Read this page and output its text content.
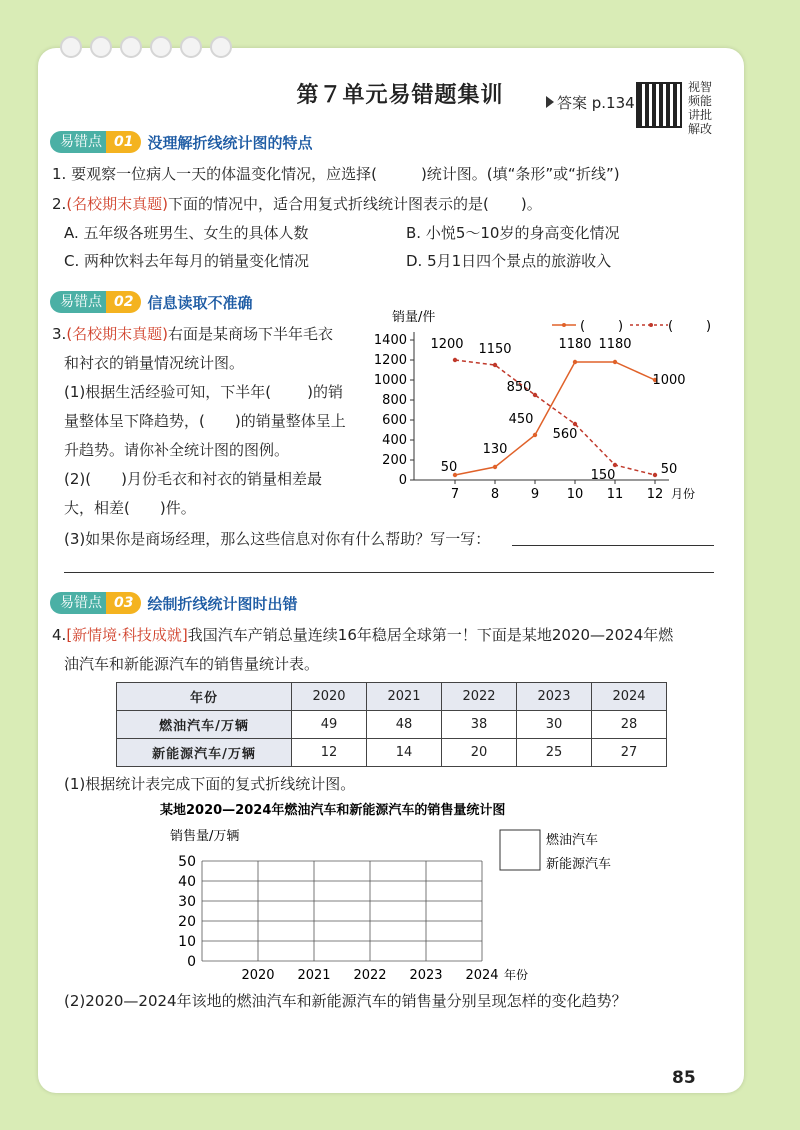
第７单元易错题集训	答案 p.134
视智频能讲批解改
易错点 01 没理解折线统计图的特点
1. 要观察一位病人一天的体温变化情况，应选择(	)统计图。(填“条形”或“折线”)
2.(名校期末真题)下面的情况中，适合用复式折线统计图表示的是( )。
A. 五年级各班男生、女生的具体人数	B. 小悦5～10岁的身高变化情况
C. 两种饮料去年每月的销量变化情况	D. 5月1日四个景点的旅游收入
易错点 02 信息读取不准确
3.(名校期末真题)右面是某商场下半年毛衣
和衬衣的销量情况统计图。
(1)根据生活经验可知，下半年( )的销
量整体呈下降趋势，( )的销量整体呈上
升趋势。请你补全统计图的图例。
(2)( )月份毛衣和衬衣的销量相差最
大，相差( )件。
(3)如果你是商场经理，那么这些信息对你有什么帮助？写一写：
销量/件
(	)	(	)
0
200
400
600
800
1000
1200
1400
7 8 9 10 11 12 月份
50
130
450
1180 1180
1000
1200 1150
850
560
150	50
易错点 03 绘制折线统计图时出错
4.[新情境·科技成就]我国汽车产销总量连续16年稳居全球第一！下面是某地2020—2024年燃
油汽车和新能源汽车的销售量统计表。
年份	2020	2021	2022	2023	2024
燃油汽车/万辆	49	48	38	30	28
新能源汽车/万辆	12	14	20	25	27
(1)根据统计表完成下面的复式折线统计图。
某地2020—2024年燃油汽车和新能源汽车的销售量统计图
销售量/万辆	燃油汽车
新能源汽车
0
10
20
30
40
50
2020 2021 2022 2023 2024 年份
(2)2020—2024年该地的燃油汽车和新能源汽车的销售量分别呈现怎样的变化趋势？
85
